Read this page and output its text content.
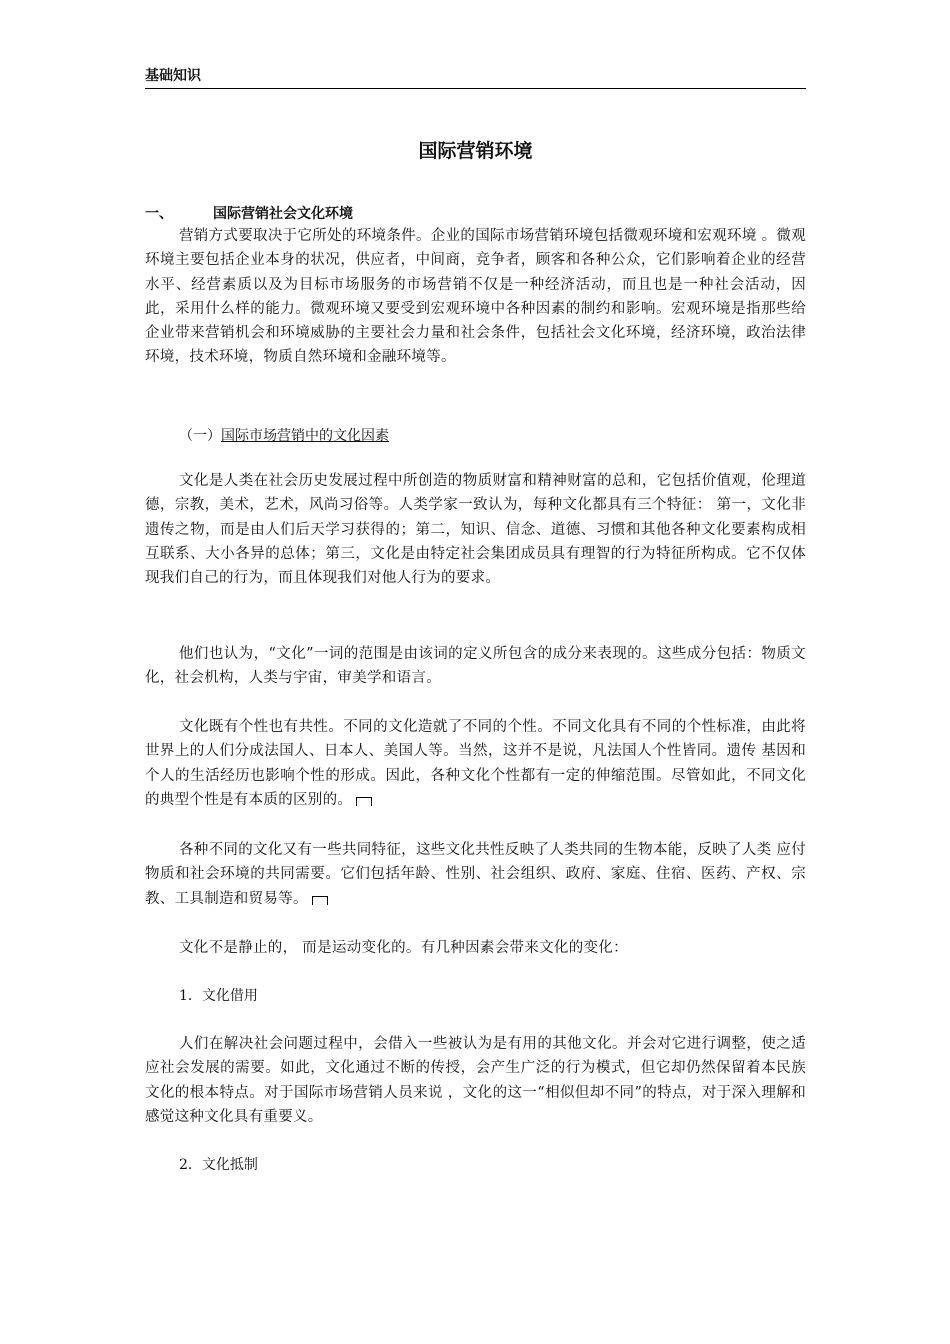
基础知识
国际营销环境
一、	国际营销社会文化环境

营销方式要取决于它所处的环境条件。企业的国际市场营销环境包括微观环境和宏观环境 。微观环境主要包括企业本身的状况，供应者，中间商，竞争者，顾客和各种公众，它们影响着企业的经营水平、经营素质以及为目标市场服务的市场营销不仅是一种经济活动，而且也是一种社会活动，因此，采用什么样的能力。微观环境又要受到宏观环境中各种因素的制约和影响。宏观环境是指那些给企业带来营销机会和环境威胁的主要社会力量和社会条件，包括社会文化环境，经济环境，政治法律环境，技术环境，物质自然环境和金融环境等。

（一）国际市场营销中的文化因素

文化是人类在社会历史发展过程中所创造的物质财富和精神财富的总和，它包括价值观，伦理道德，宗教，美术，艺术，风尚习俗等。人类学家一致认为，每种文化都具有三个特征： 第一，文化非遗传之物，而是由人们后天学习获得的；第二，知识、信念、道德、习惯和其他各种文化要素构成相互联系、大小各异的总体；第三，文化是由特定社会集团成员具有理智的行为特征所构成。它不仅体现我们自己的行为，而且体现我们对他人行为的要求。

他们也认为，“文化”一词的范围是由该词的定义所包含的成分来表现的。这些成分包括：物质文化，社会机构，人类与宇宙，审美学和语言。

文化既有个性也有共性。不同的文化造就了不同的个性。不同文化具有不同的个性标准，由此将世界上的人们分成法国人、日本人、美国人等。当然，这并不是说，凡法国人个性皆同。遗传 基因和个人的生活经历也影响个性的形成。因此，各种文化个性都有一定的伸缩范围。尽管如此，不同文化的典型个性是有本质的区别的。

各种不同的文化又有一些共同特征，这些文化共性反映了人类共同的生物本能，反映了人类 应付物质和社会环境的共同需要。它们包括年龄、性别、社会组织、政府、家庭、住宿、医药、产权、宗教、工具制造和贸易等。

文化不是静止的， 而是运动变化的。有几种因素会带来文化的变化：

1．文化借用

人们在解决社会问题过程中，会借入一些被认为是有用的其他文化。并会对它进行调整，使之适应社会发展的需要。如此，文化通过不断的传授，会产生广泛的行为模式，但它却仍然保留着本民族文化的根本特点。对于国际市场营销人员来说 ，文化的这一“相似但却不同”的特点，对于深入理解和感觉这种文化具有重要义。

2．文化抵制
